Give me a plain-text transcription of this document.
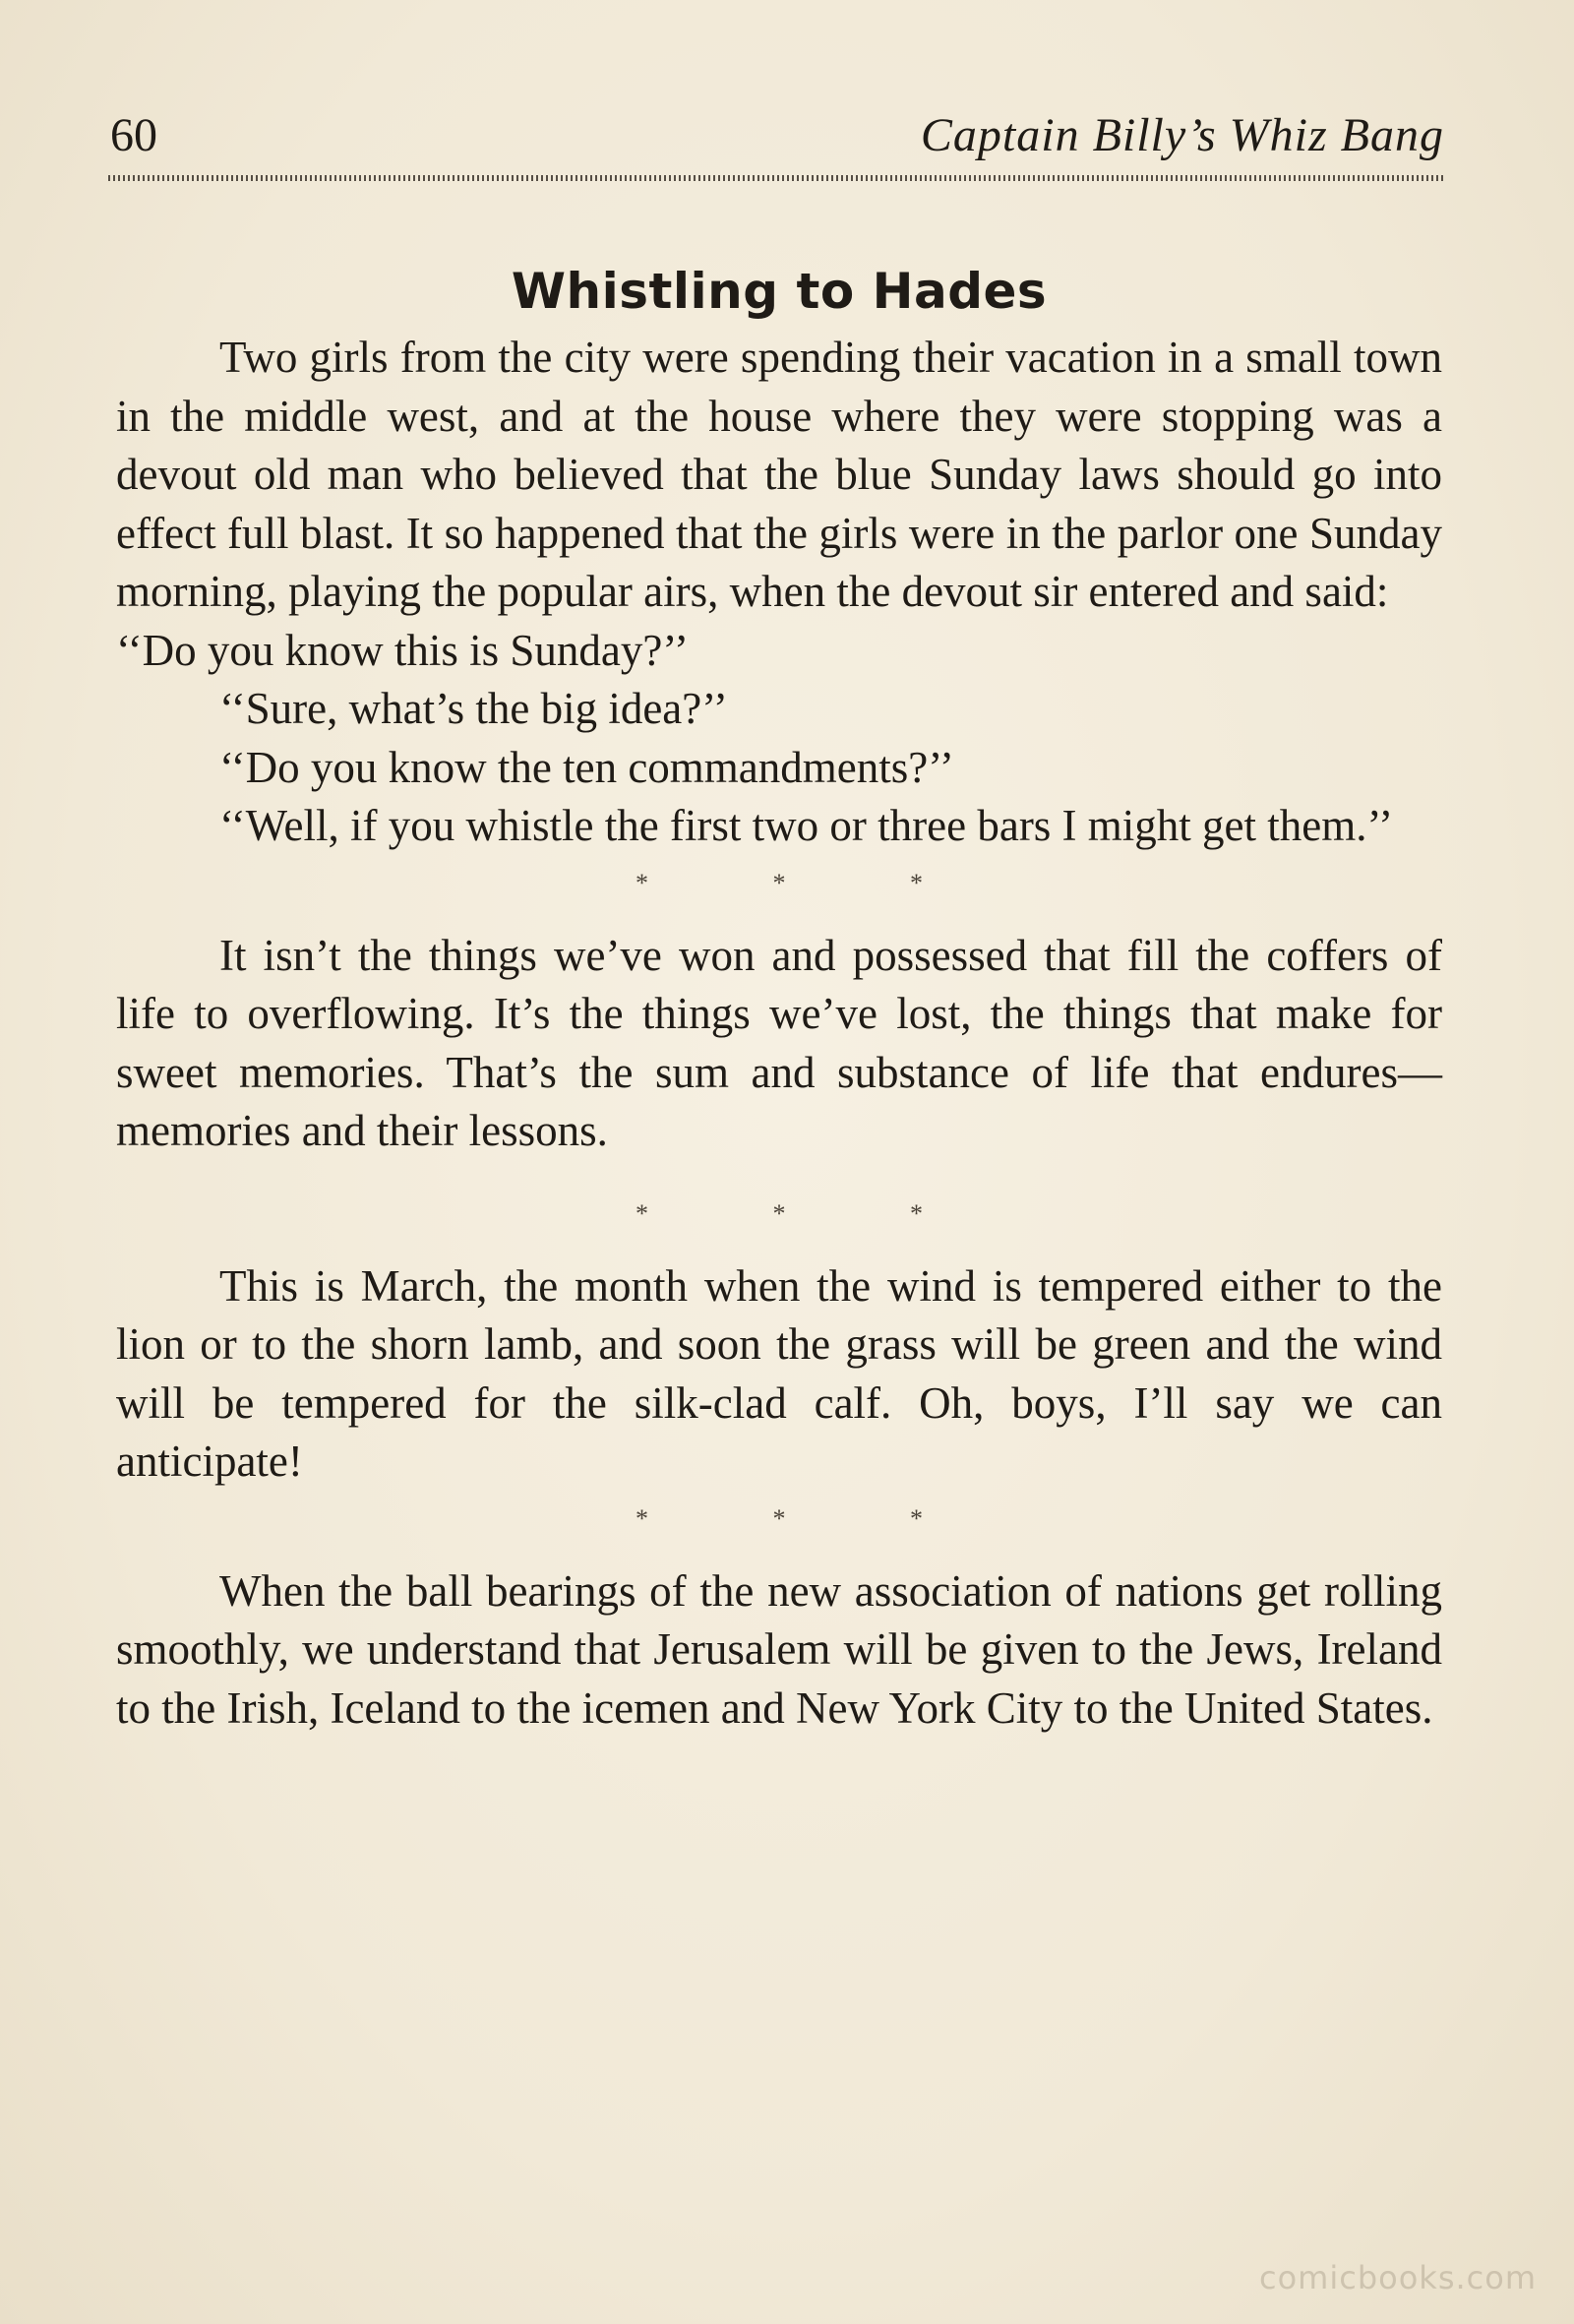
60	Captain Billy’s Whiz Bang
Whistling to Hades

Two girls from the city were spending their vacation in a small town in the middle west, and at the house where they were stopping was a devout old man who believed that the blue Sunday laws should go into effect full blast. It so happened that the girls were in the parlor one Sunday morning, playing the popular airs, when the devout sir entered and said:

‘‘Do you know this is Sunday?’’

‘‘Sure, what’s the big idea?’’

‘‘Do you know the ten commandments?’’

‘‘Well, if you whistle the first two or three bars I might get them.’’

* * *

It isn’t the things we’ve won and possessed that fill the coffers of life to overflowing. It’s the things we’ve lost, the things that make for sweet memories. That’s the sum and substance of life that endures—memories and their lessons.

* * *

This is March, the month when the wind is tempered either to the lion or to the shorn lamb, and soon the grass will be green and the wind will be tempered for the silk-clad calf. Oh, boys, I’ll say we can anticipate!

* * *

When the ball bearings of the new association of nations get rolling smoothly, we understand that Jerusalem will be given to the Jews, Ireland to the Irish, Iceland to the icemen and New York City to the United States.

comicbooks.com
